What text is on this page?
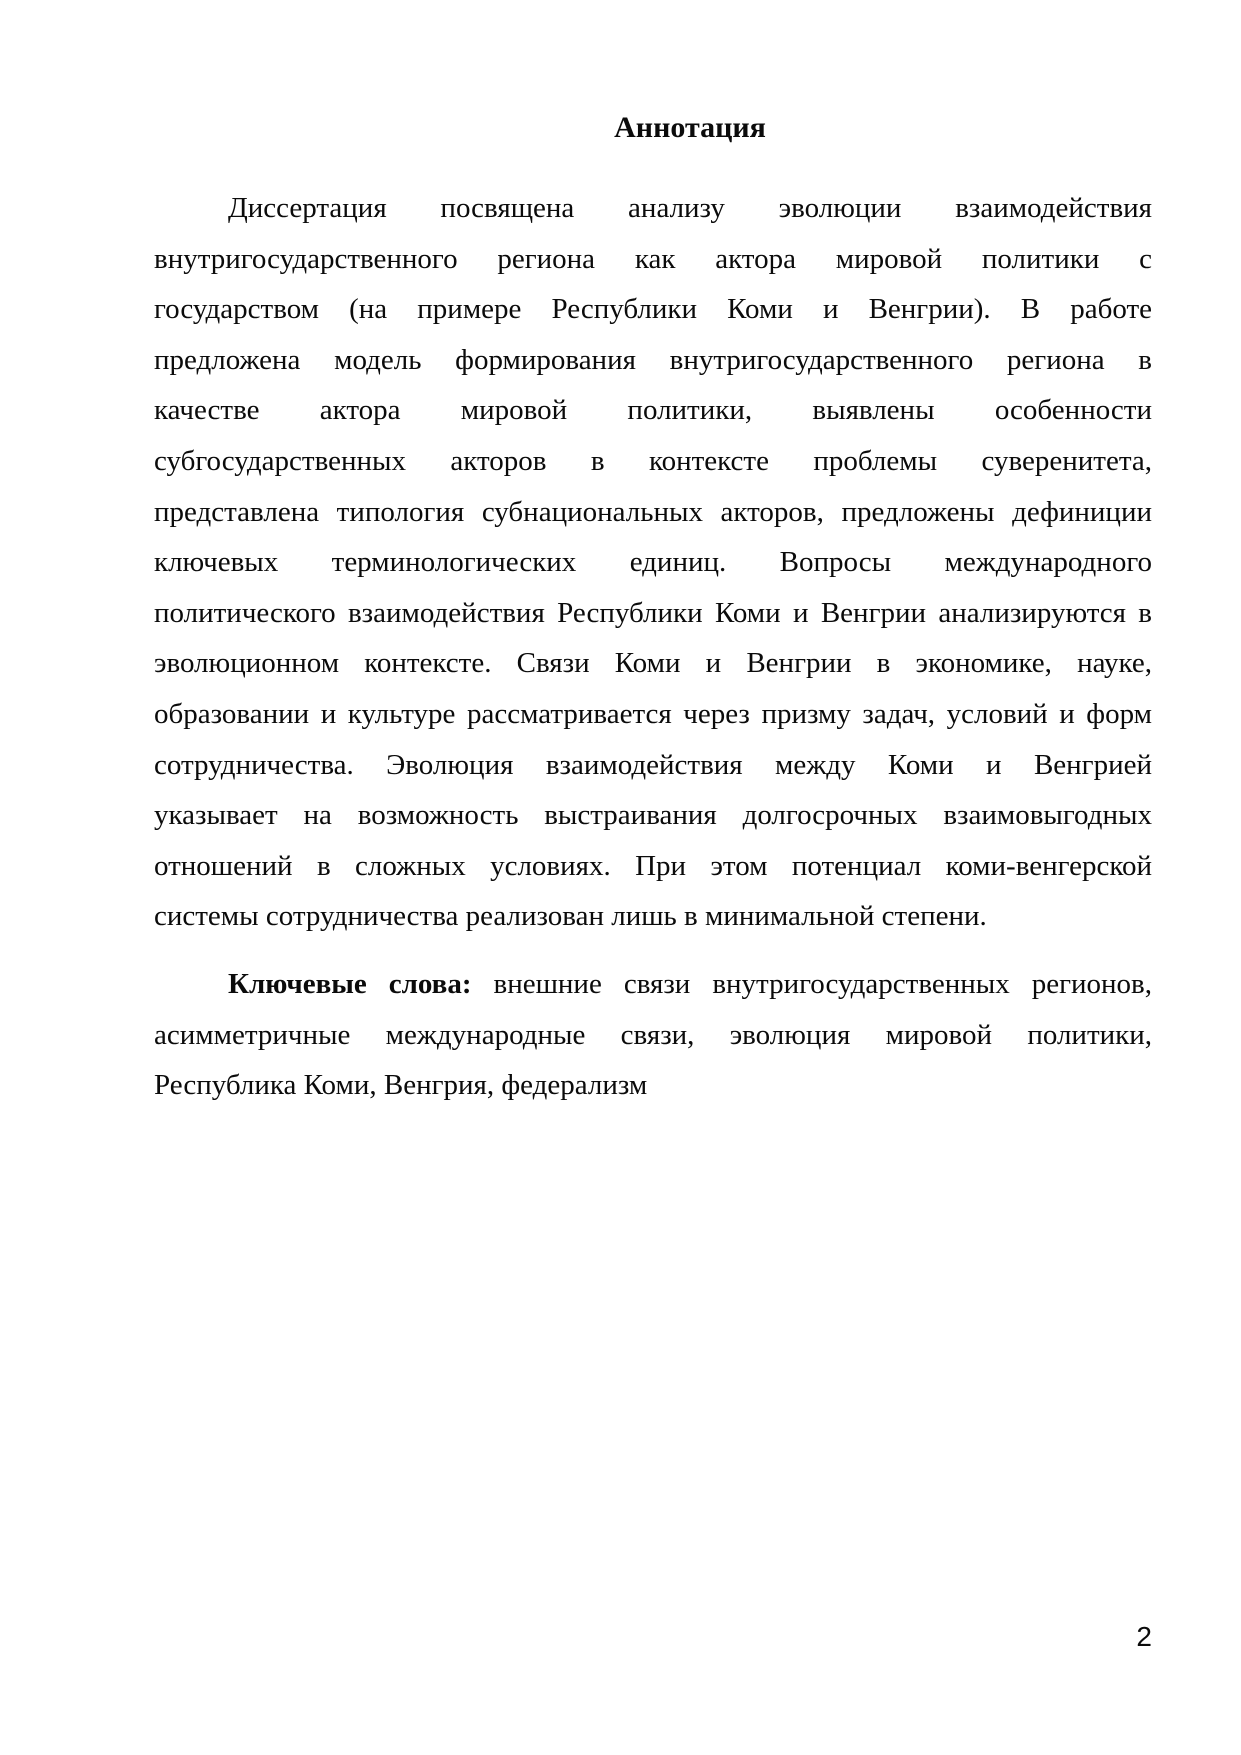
Аннотация
Диссертация посвящена анализу эволюции взаимодействия
внутригосударственного региона как актора мировой политики с
государством (на примере Республики Коми и Венгрии). В работе
предложена модель формирования внутригосударственного региона в
качестве актора мировой политики, выявлены особенности
субгосударственных акторов в контексте проблемы суверенитета,
представлена типология субнациональных акторов, предложены дефиниции
ключевых терминологических единиц. Вопросы международного
политического взаимодействия Республики Коми и Венгрии анализируются в
эволюционном контексте. Связи Коми и Венгрии в экономике, науке,
образовании и культуре рассматривается через призму задач, условий и форм
сотрудничества. Эволюция взаимодействия между Коми и Венгрией
указывает на возможность выстраивания долгосрочных взаимовыгодных
отношений в сложных условиях. При этом потенциал коми-венгерской
системы сотрудничества реализован лишь в минимальной степени.
Ключевые слова: внешние связи внутригосударственных регионов,
асимметричные международные связи, эволюция мировой политики,
Республика Коми, Венгрия, федерализм
2
